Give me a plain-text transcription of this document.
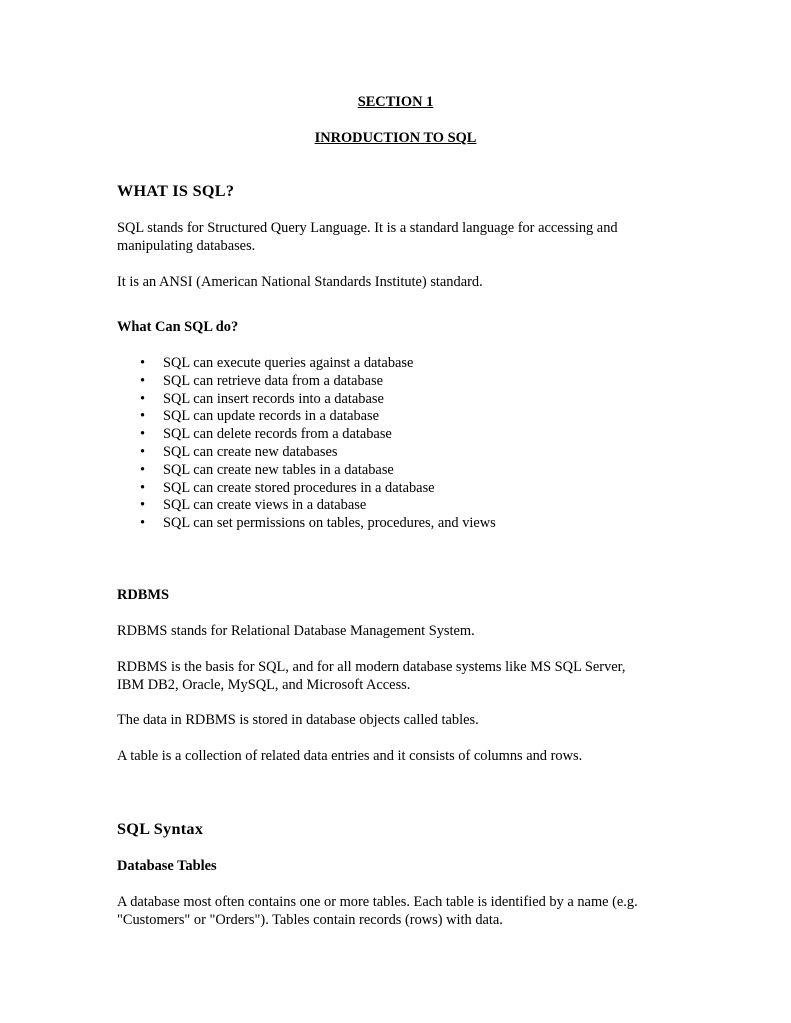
SECTION 1

INRODUCTION TO SQL

WHAT IS SQL?

SQL stands for Structured Query Language. It is a standard language for accessing and

manipulating databases.

It is an ANSI (American National Standards Institute) standard.

What Can SQL do?

• SQL can execute queries against a database
• SQL can retrieve data from a database
• SQL can insert records into a database
• SQL can update records in a database
• SQL can delete records from a database
• SQL can create new databases
• SQL can create new tables in a database
• SQL can create stored procedures in a database
• SQL can create views in a database
• SQL can set permissions on tables, procedures, and views

RDBMS

RDBMS stands for Relational Database Management System.

RDBMS is the basis for SQL, and for all modern database systems like MS SQL Server,

IBM DB2, Oracle, MySQL, and Microsoft Access.

The data in RDBMS is stored in database objects called tables.

A table is a collection of related data entries and it consists of columns and rows.

SQL Syntax

Database Tables

A database most often contains one or more tables. Each table is identified by a name (e.g.

"Customers" or "Orders"). Tables contain records (rows) with data.
